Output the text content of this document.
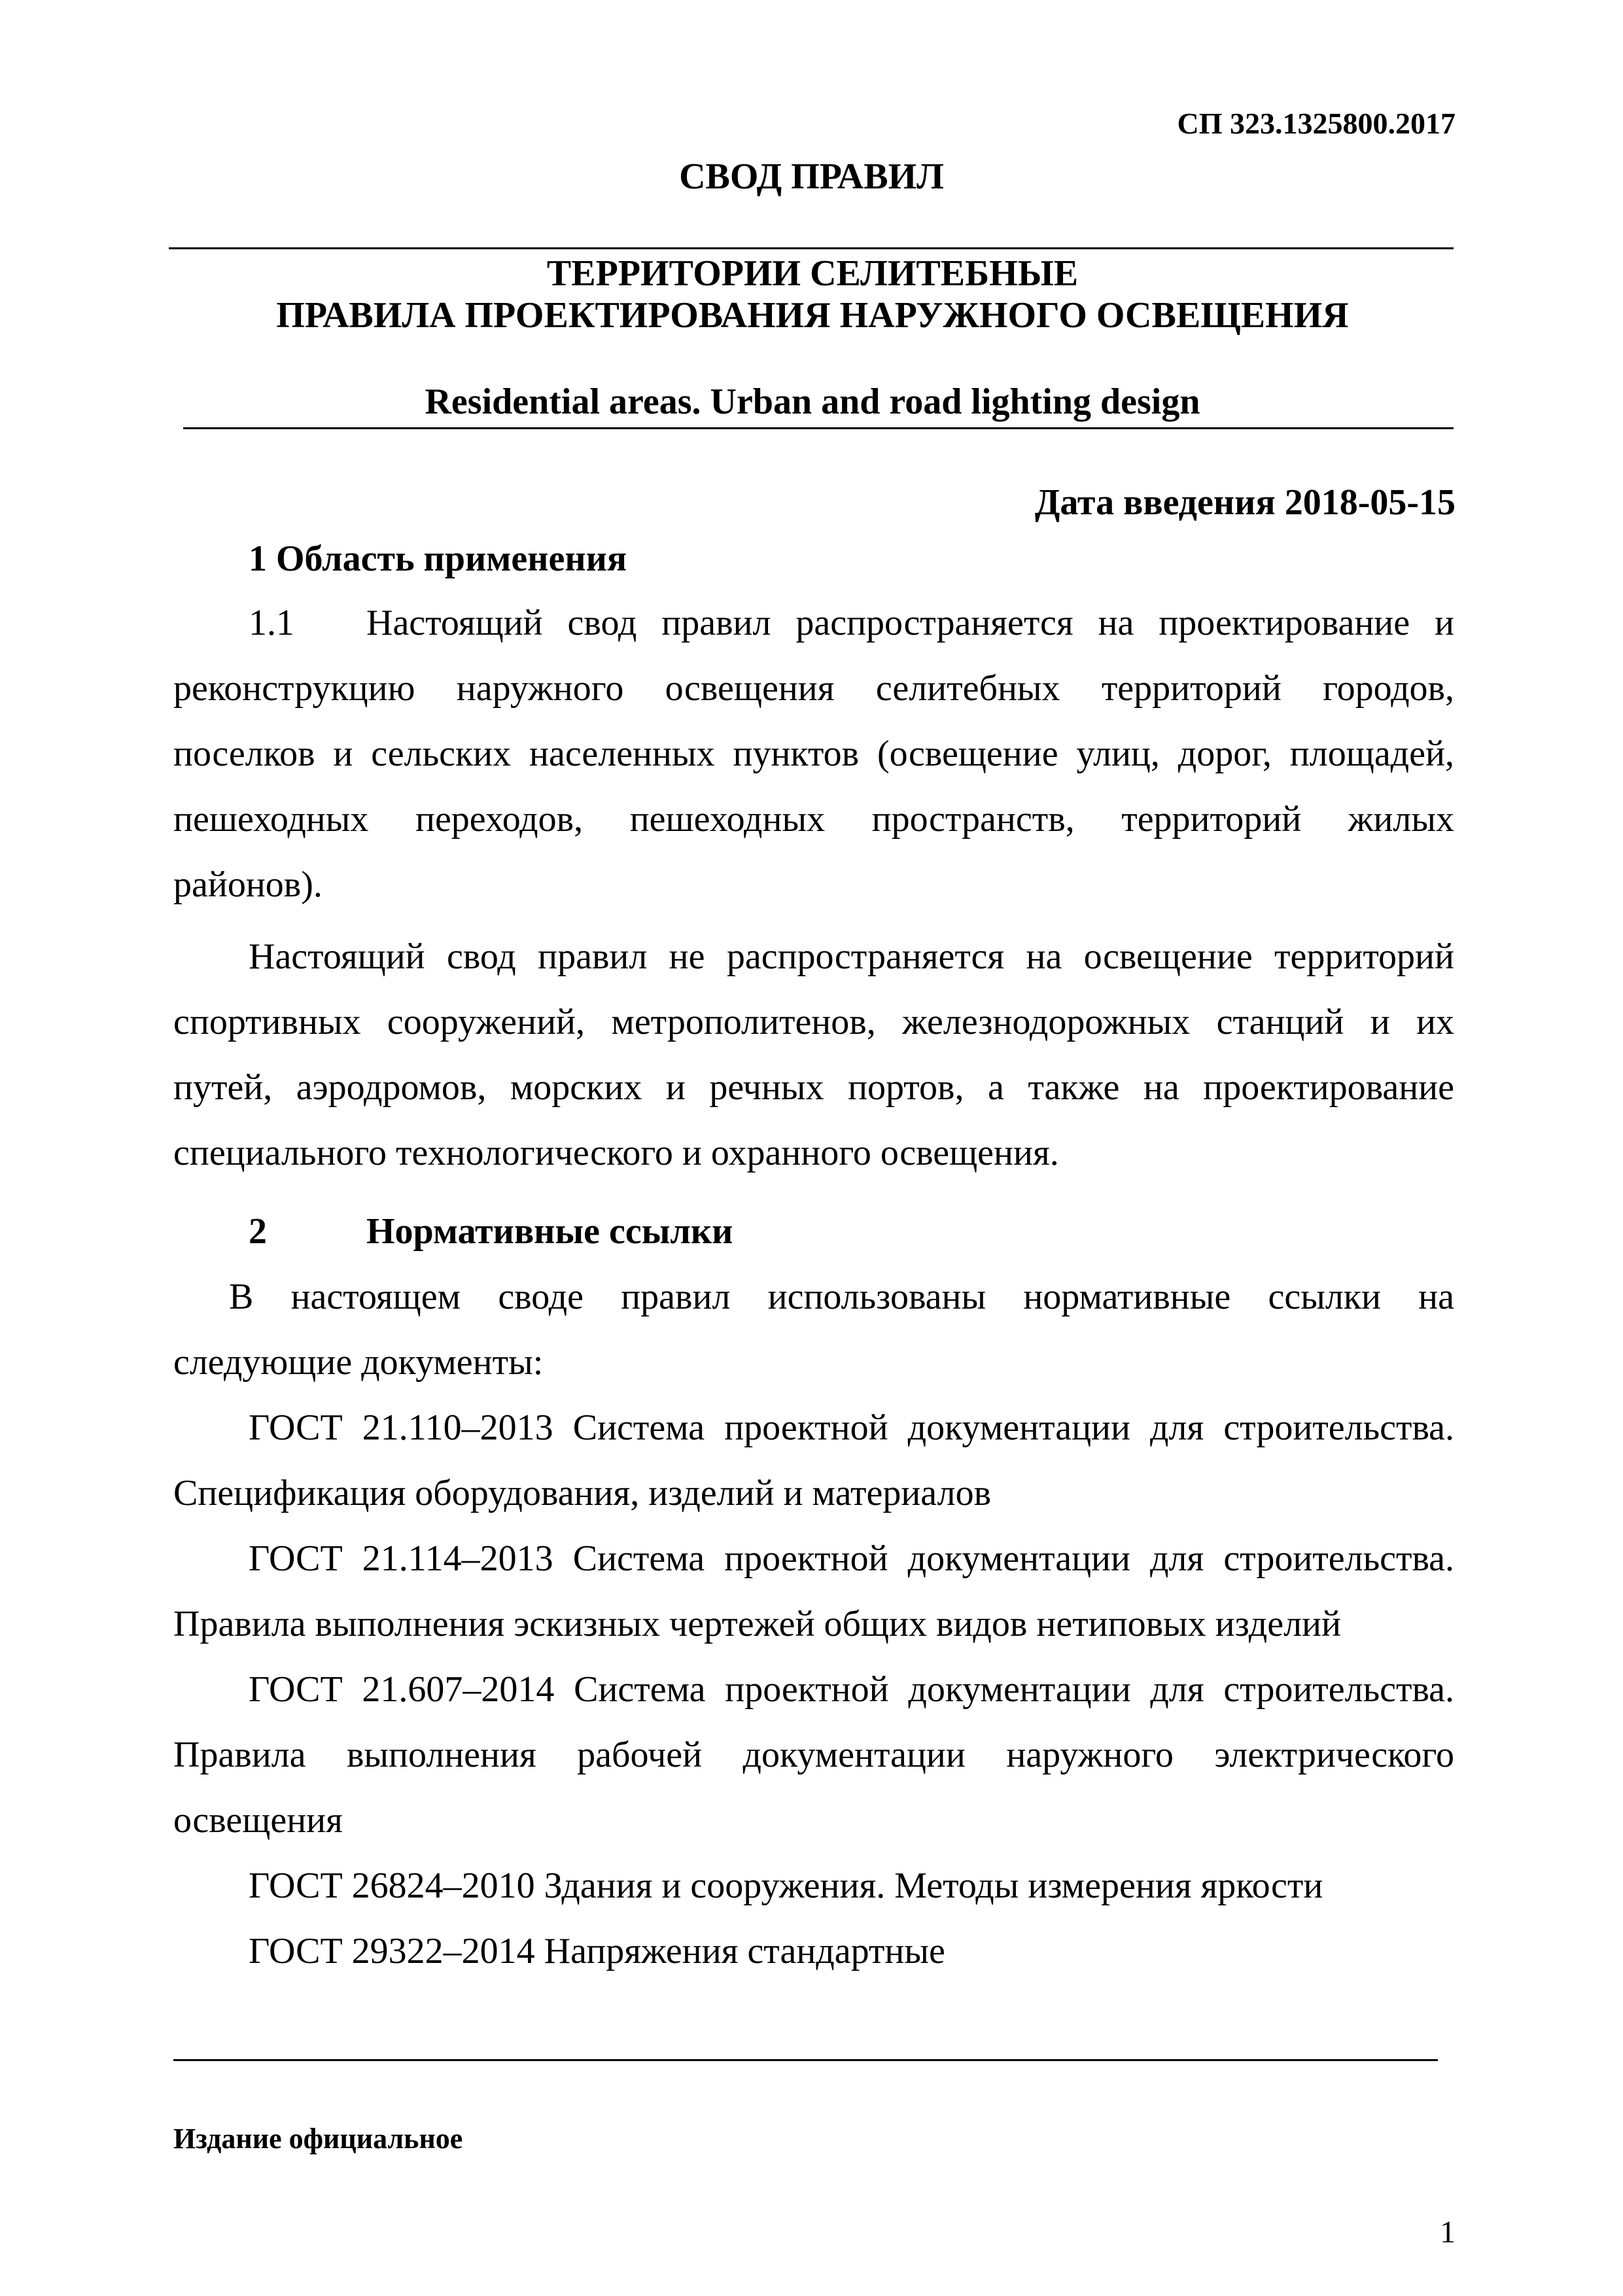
СП 323.1325800.2017
СВОД ПРАВИЛ
ТЕРРИТОРИИ СЕЛИТЕБНЫЕ
ПРАВИЛА ПРОЕКТИРОВАНИЯ НАРУЖНОГО ОСВЕЩЕНИЯ
Residential areas. Urban and road lighting design
Дата введения 2018-05-15
1 Область применения
1.1 Настоящий свод правил распространяется на проектирование и
реконструкцию наружного освещения селитебных территорий городов,
поселков и сельских населенных пунктов (освещение улиц, дорог, площадей,
пешеходных переходов, пешеходных пространств, территорий жилых
районов).
Настоящий свод правил не распространяется на освещение территорий
спортивных сооружений, метрополитенов, железнодорожных станций и их
путей, аэродромов, морских и речных портов, а также на проектирование
специального технологического и охранного освещения.
2	Нормативные ссылки
В настоящем своде правил использованы нормативные ссылки на
следующие документы:
ГОСТ 21.110–2013 Система проектной документации для строительства.
Спецификация оборудования, изделий и материалов
ГОСТ 21.114–2013 Система проектной документации для строительства.
Правила выполнения эскизных чертежей общих видов нетиповых изделий
ГОСТ 21.607–2014 Система проектной документации для строительства.
Правила выполнения рабочей документации наружного электрического
освещения
ГОСТ 26824–2010 Здания и сооружения. Методы измерения яркости
ГОСТ 29322–2014 Напряжения стандартные
Издание официальное
1
